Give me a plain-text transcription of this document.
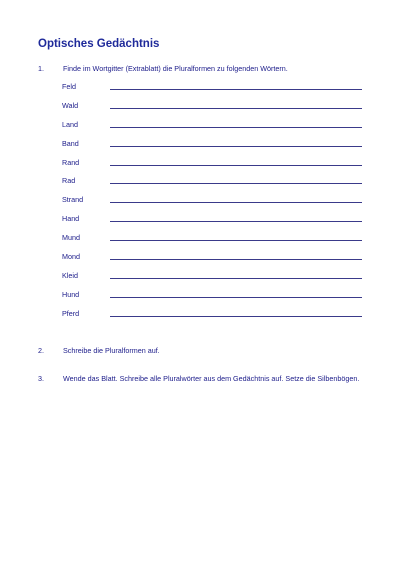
Optisches Gedächtnis
1.	Finde im Wortgitter (Extrablatt) die Pluralformen zu folgenden Wörtern.
Feld
Wald
Land
Band
Rand
Rad
Strand
Hand
Mund
Mond
Kleid
Hund
Pferd
2.	Schreibe die Pluralformen auf.
3.	Wende das Blatt. Schreibe alle Pluralwörter aus dem Gedächtnis auf. Setze die Silbenbögen.
